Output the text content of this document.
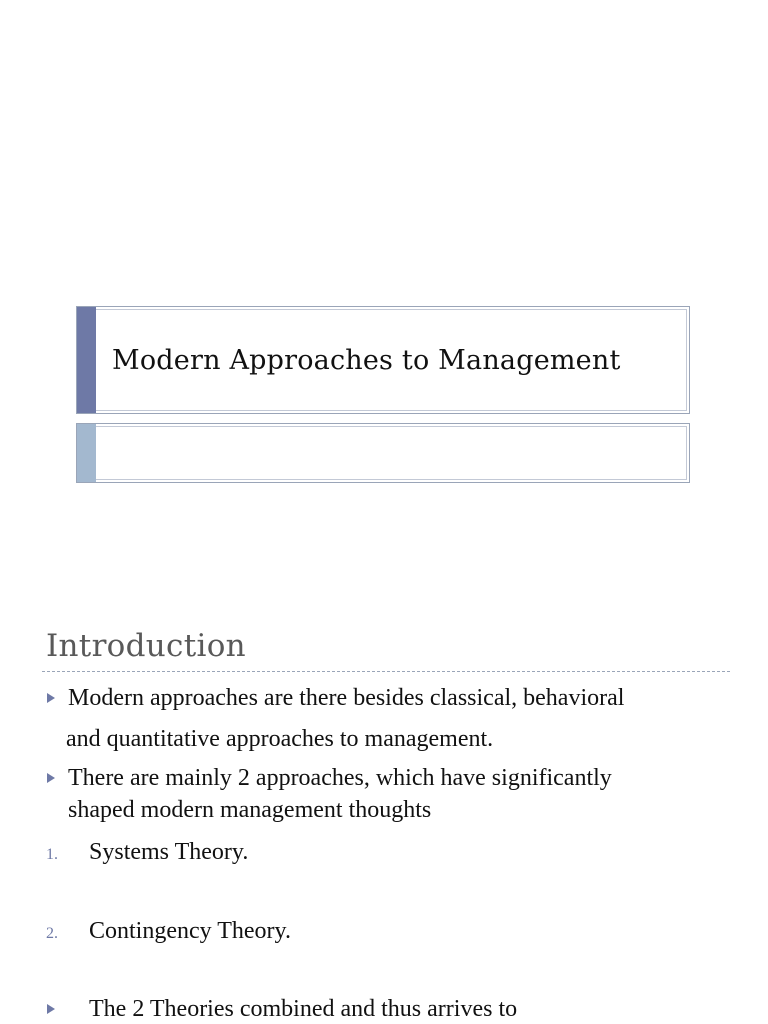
Modern Approaches to Management
Introduction
Modern approaches are there besides classical, behavioral
and quantitative approaches to management.
There are mainly 2 approaches, which have significantly
shaped modern management thoughts
1. Systems Theory.
2. Contingency Theory.
The 2 Theories combined and thus arrives to
